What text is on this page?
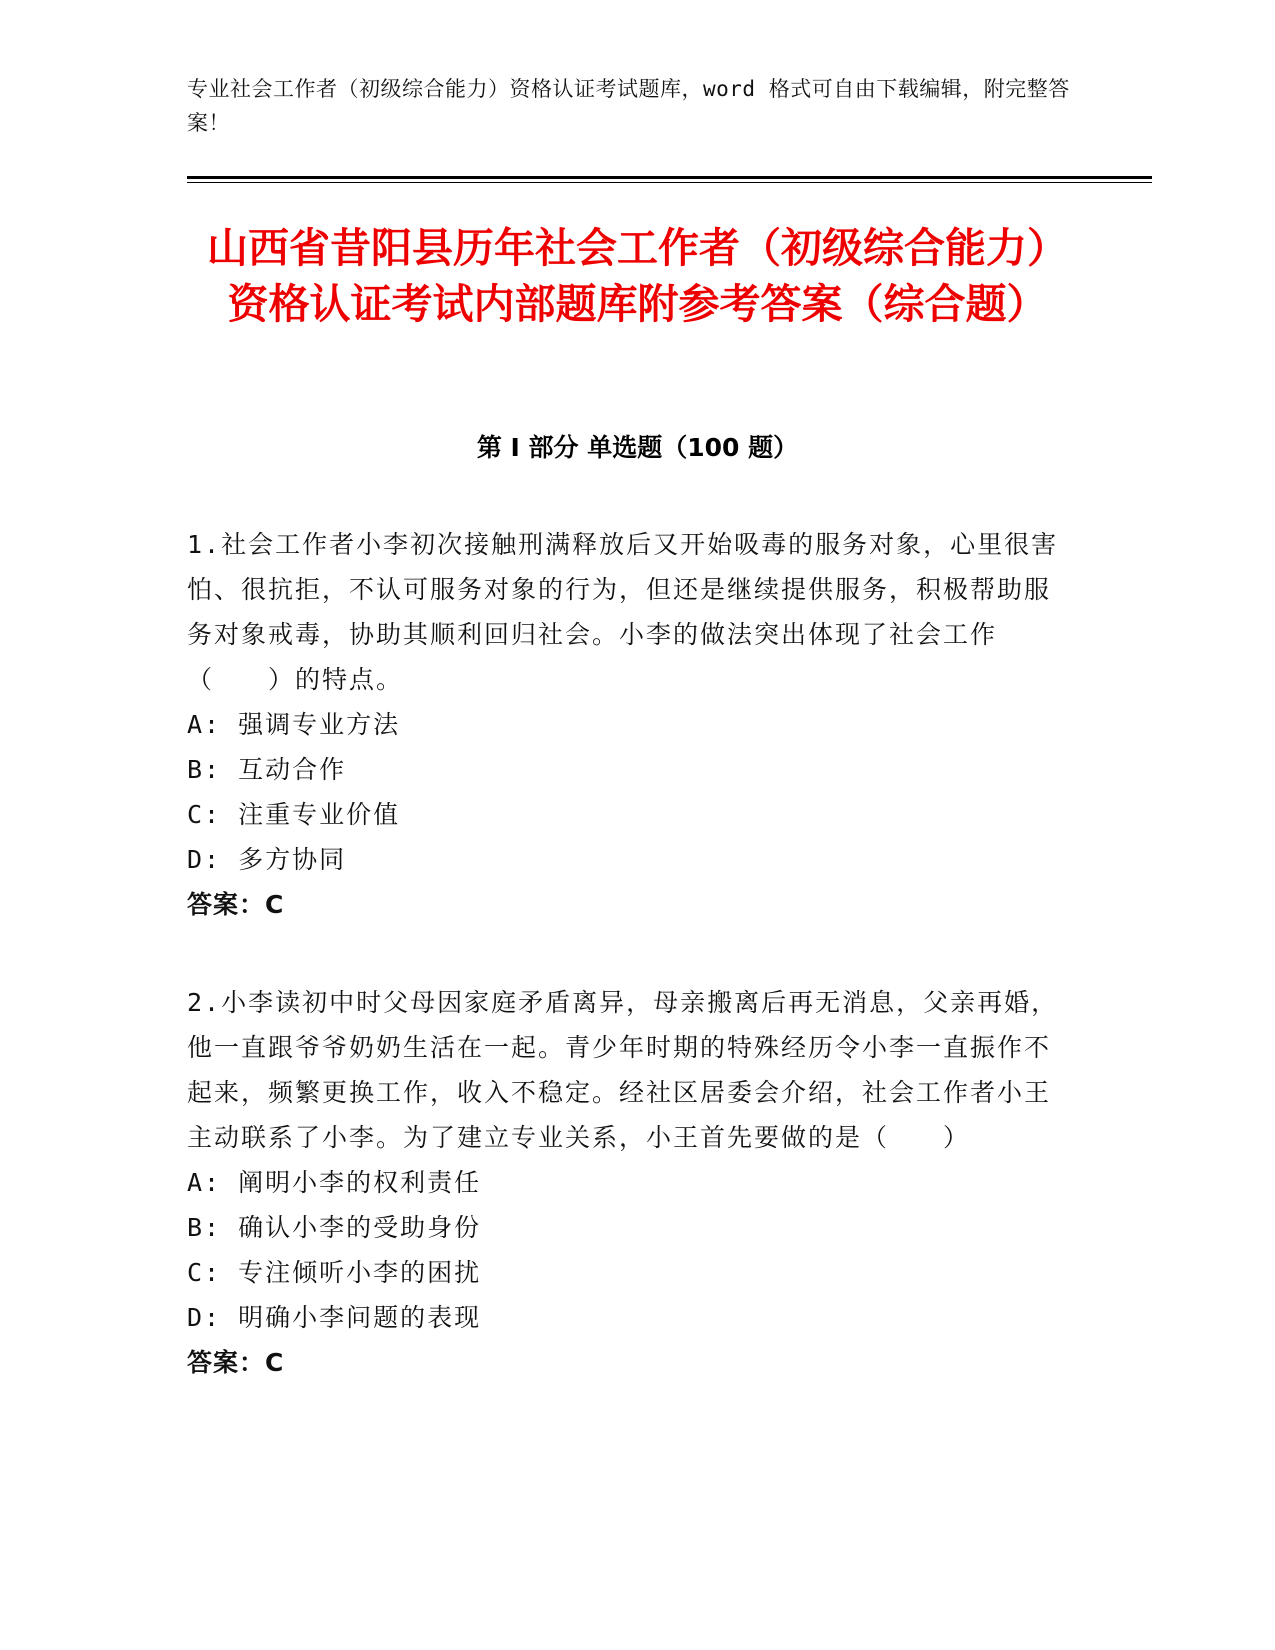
专业社会工作者（初级综合能力）资格认证考试题库，word 格式可自由下载编辑，附完整答案！
山西省昔阳县历年社会工作者（初级综合能力）资格认证考试内部题库附参考答案（综合题）
第 I 部分 单选题（100 题）

1.社会工作者小李初次接触刑满释放后又开始吸毒的服务对象，心里很害怕、很抗拒，不认可服务对象的行为，但还是继续提供服务，积极帮助服务对象戒毒，协助其顺利回归社会。小李的做法突出体现了社会工作（　　）的特点。

A: 强调专业方法

B: 互动合作

C: 注重专业价值

D: 多方协同

答案：C

2.小李读初中时父母因家庭矛盾离异，母亲搬离后再无消息，父亲再婚，他一直跟爷爷奶奶生活在一起。青少年时期的特殊经历令小李一直振作不起来，频繁更换工作，收入不稳定。经社区居委会介绍，社会工作者小王主动联系了小李。为了建立专业关系，小王首先要做的是（　　）

A: 阐明小李的权利责任

B: 确认小李的受助身份

C: 专注倾听小李的困扰

D: 明确小李问题的表现

答案：C
